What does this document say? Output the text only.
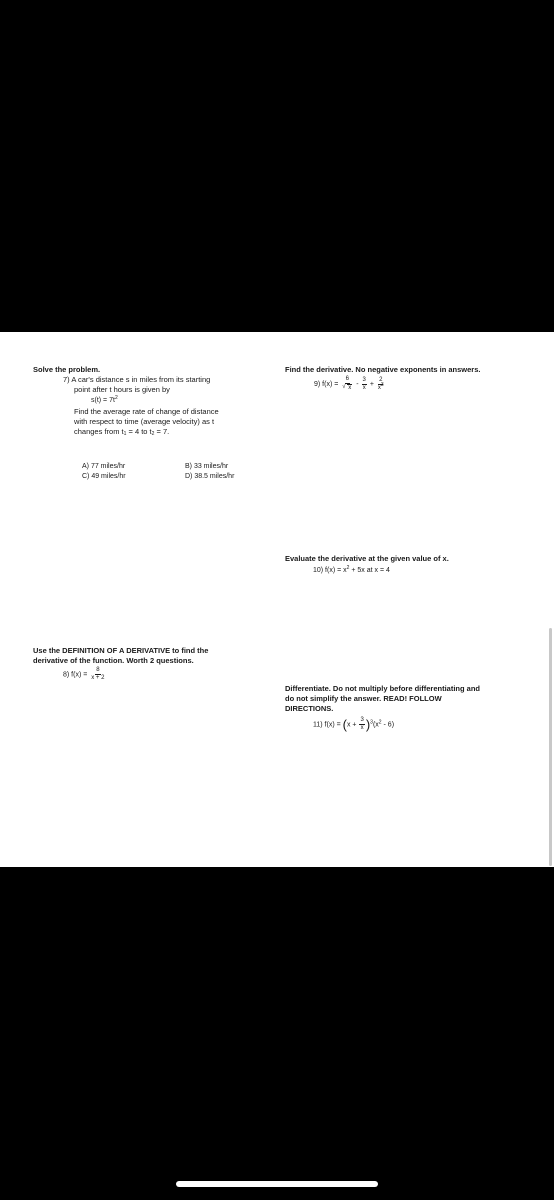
Solve the problem.
7) A car's distance s in miles from its starting
point after t hours is given by
$s(t) = 7t^2$
Find the average rate of change of distance
with respect to time (average velocity) as t
changes from $t_1 = 4$ to $t_2 = 7$.
A) 77 miles/hr	B) 33 miles/hr
C) 49 miles/hr	D) 38.5 miles/hr
Use the DEFINITION OF A DERIVATIVE to find the
derivative of the function. Worth 2 questions.
8) $f(x) = \frac{8}{x + 2}$
Find the derivative. No negative exponents in answers.
9) f(x) = 6
√ $x - \frac{3}{x} + \frac{2}{x^3}$
Evaluate the derivative at the given value of x.
10) $f(x) = x^2 + 5x$ at x = 4
Differentiate. Do not multiply before differentiating and
do not simplify the answer. READ! FOLLOW
DIRECTIONS.
11) $f(x) = (x + \frac{3}{x} )^3(x^2 - 6)$
